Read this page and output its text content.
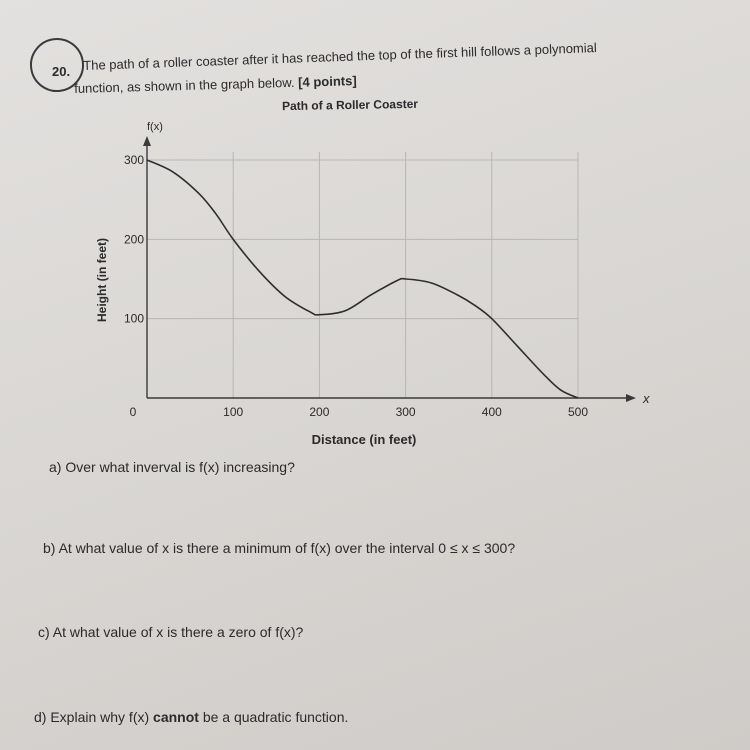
20. The path of a roller coaster after it has reached the top of the first hill follows a polynomial
function, as shown in the graph below. [4 points]
Path of a Roller Coaster
x
f(x)
0	100	200	300	400	500
100
200
300
Distance (in feet)
Height (in feet)
a) Over what inverval is f(x) increasing?
b) At what value of x is there a minimum of f(x) over the interval 0 ≤ x ≤ 300?
c) At what value of x is there a zero of f(x)?
d) Explain why f(x) cannot be a quadratic function.
